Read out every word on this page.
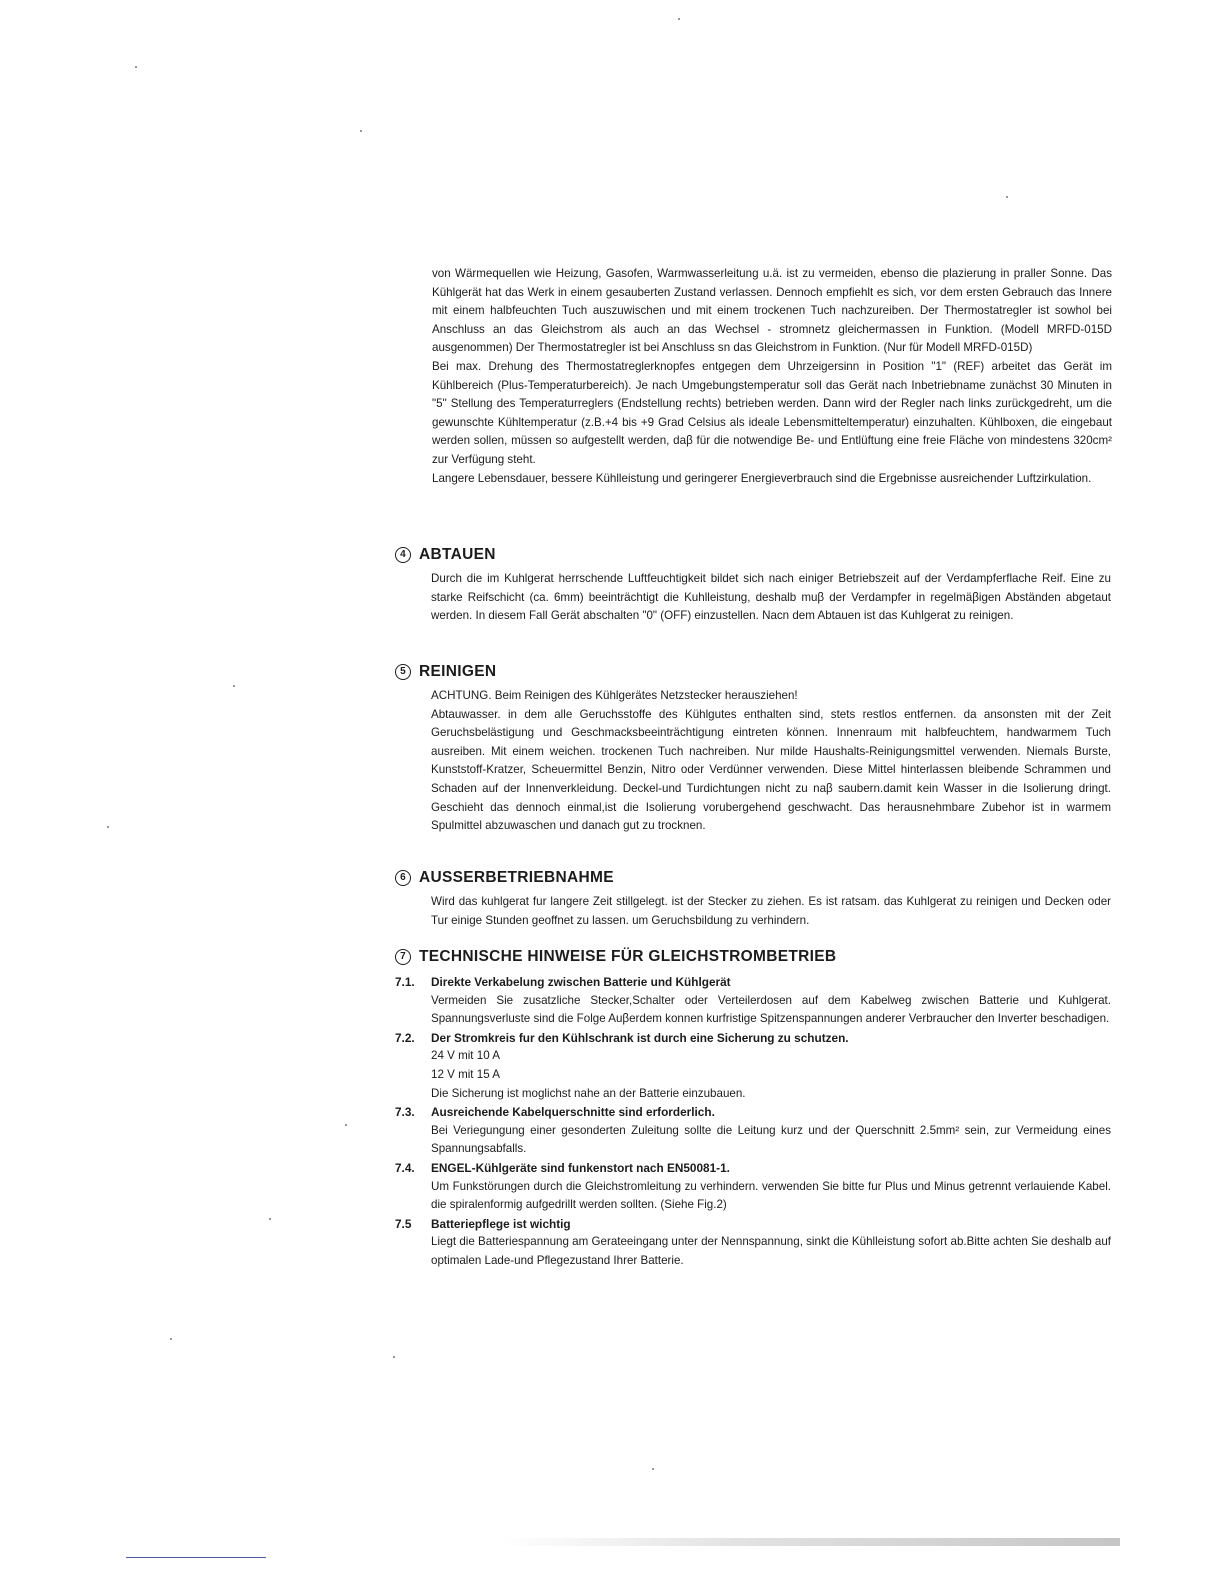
von Wärmequellen wie Heizung, Gasofen, Warmwasserleitung u.ä. ist zu vermeiden, ebenso die plazierung in praller Sonne. Das Kühlgerät hat das Werk in einem gesauberten Zustand verlassen. Dennoch empfiehlt es sich, vor dem ersten Gebrauch das Innere mit einem halbfeuchten Tuch auszuwischen und mit einem trockenen Tuch nachzureiben. Der Thermostatregler ist sowhol bei Anschluss an das Gleichstrom als auch an das Wechsel - stromnetz gleichermassen in Funktion. (Modell MRFD-015D ausgenommen) Der Thermostatregler ist bei Anschluss sn das Gleichstrom in Funktion. (Nur für Modell MRFD-015D)

Bei max. Drehung des Thermostatreglerknopfes entgegen dem Uhrzeigersinn in Position "1" (REF) arbeitet das Gerät im Kühlbereich (Plus-Temperaturbereich). Je nach Umgebungstemperatur soll das Gerät nach Inbetriebname zunächst 30 Minuten in "5" Stellung des Temperaturreglers (Endstellung rechts) betrieben werden. Dann wird der Regler nach links zurückgedreht, um die gewunschte Kühltemperatur (z.B.+4 bis +9 Grad Celsius als ideale Lebensmitteltemperatur) einzuhalten. Kühlboxen, die eingebaut werden sollen, müssen so aufgestellt werden, daβ für die notwendige Be- und Entlüftung eine freie Fläche von mindestens 320cm² zur Verfügung steht.

Langere Lebensdauer, bessere Kühlleistung und geringerer Energieverbrauch sind die Ergebnisse ausreichender Luftzirkulation.

4 ABTAUEN

Durch die im Kuhlgerat herrschende Luftfeuchtigkeit bildet sich nach einiger Betriebszeit auf der Verdampferflache Reif. Eine zu starke Reifschicht (ca. 6mm) beeinträchtigt die Kuhlleistung, deshalb muβ der Verdampfer in regelmäβigen Abständen abgetaut werden. In diesem Fall Gerät abschalten "0" (OFF) einzustellen. Nacn dem Abtauen ist das Kuhlgerat zu reinigen.

5 REINIGEN

ACHTUNG. Beim Reinigen des Kühlgerätes Netzstecker herausziehen!

Abtauwasser. in dem alle Geruchsstoffe des Kühlgutes enthalten sind, stets restlos entfernen. da ansonsten mit der Zeit Geruchsbelästigung und Geschmacksbeeinträchtigung eintreten können. Innenraum mit halbfeuchtem, handwarmem Tuch ausreiben. Mit einem weichen. trockenen Tuch nachreiben. Nur milde Haushalts-Reinigungsmittel verwenden. Niemals Burste, Kunststoff-Kratzer, Scheuermittel Benzin, Nitro oder Verdünner verwenden. Diese Mittel hinterlassen bleibende Schrammen und Schaden auf der Innenverkleidung. Deckel-und Turdichtungen nicht zu naβ saubern.damit kein Wasser in die Isolierung dringt. Geschieht das dennoch einmal,ist die Isolierung vorubergehend geschwacht. Das herausnehmbare Zubehor ist in warmem Spulmittel abzuwaschen und danach gut zu trocknen.

6 AUSSERBETRIEBNAHME

Wird das kuhlgerat fur langere Zeit stillgelegt. ist der Stecker zu ziehen. Es ist ratsam. das Kuhlgerat zu reinigen und Decken oder Tur einige Stunden geoffnet zu lassen. um Geruchsbildung zu verhindern.

7 TECHNISCHE HINWEISE FÜR GLEICHSTROMBETRIEB
7.1.	Direkte Verkabelung zwischen Batterie und Kühlgerät

Vermeiden Sie zusatzliche Stecker,Schalter oder Verteilerdosen auf dem Kabelweg zwischen Batterie und Kuhlgerat. Spannungsverluste sind die Folge Auβerdem konnen kurfristige Spitzenspannungen anderer Verbraucher den Inverter beschadigen.

7.2.	Der Stromkreis fur den Kühlschrank ist durch eine Sicherung zu schutzen.

24 V mit 10 A

12 V mit 15 A

Die Sicherung ist moglichst nahe an der Batterie einzubauen.

7.3.	Ausreichende Kabelquerschnitte sind erforderlich.

Bei Veriegungung einer gesonderten Zuleitung sollte die Leitung kurz und der Querschnitt 2.5mm² sein, zur Vermeidung eines Spannungsabfalls.

7.4.	ENGEL-Kühlgeräte sind funkenstort nach EN50081-1.

Um Funkstörungen durch die Gleichstromleitung zu verhindern. verwenden Sie bitte fur Plus und Minus getrennt verlauiende Kabel. die spiralenformig aufgedrillt werden sollten. (Siehe Fig.2)

7.5	Batteriepflege ist wichtig

Liegt die Batteriespannung am Gerateeingang unter der Nennspannung, sinkt die Kühlleistung sofort ab.Bitte achten Sie deshalb auf optimalen Lade-und Pflegezustand Ihrer Batterie.
